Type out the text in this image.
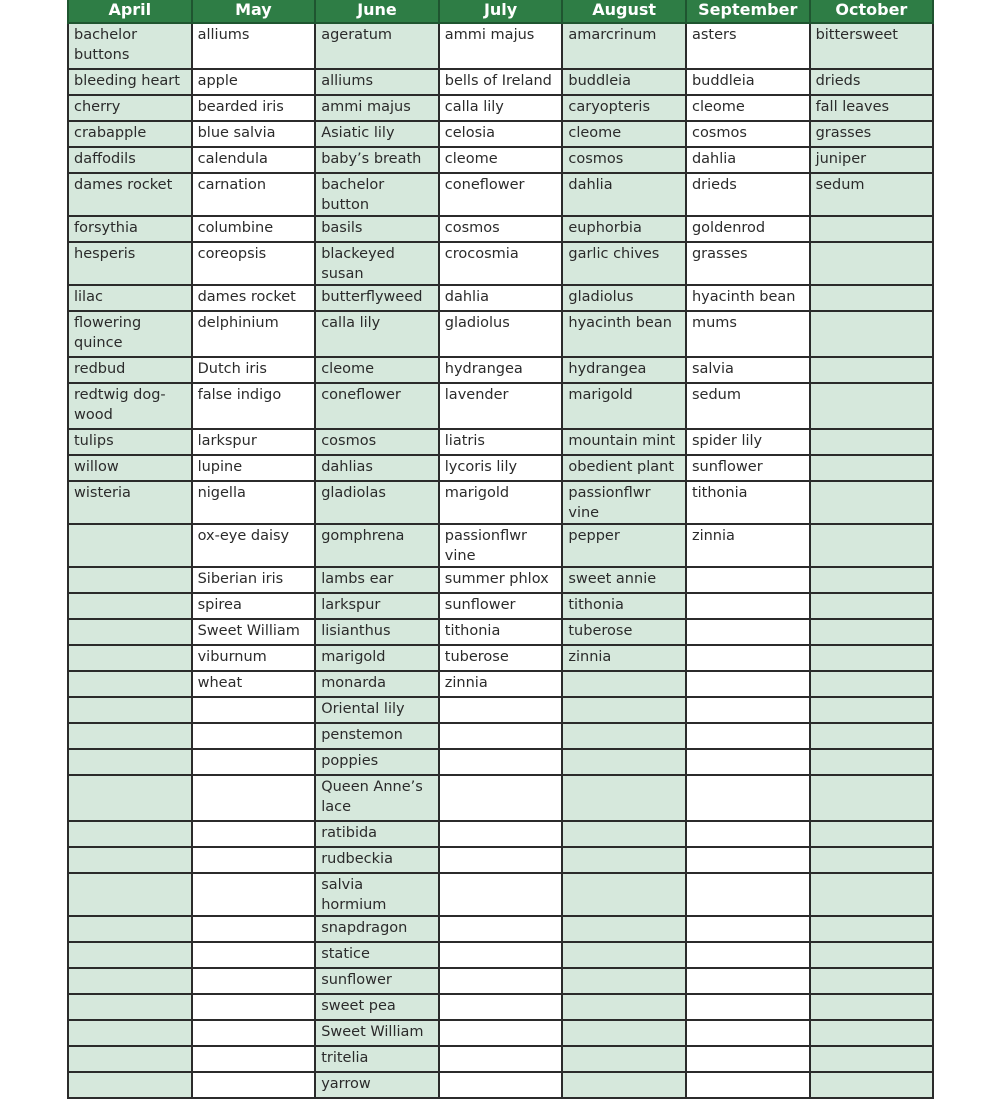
April	May	June	July	August	September	October
bachelor buttons	alliums	ageratum	ammi majus	amarcrinum	asters	bittersweet
bleeding heart	apple	alliums	bells of Ireland	buddleia	buddleia	drieds
cherry	bearded iris	ammi majus	calla lily	caryopteris	cleome	fall leaves
crabapple	blue salvia	Asiatic lily	celosia	cleome	cosmos	grasses
daffodils	calendula	baby’s breath	cleome	cosmos	dahlia	juniper
dames rocket	carnation	bachelor button	coneflower	dahlia	drieds	sedum
forsythia	columbine	basils	cosmos	euphorbia	goldenrod	
hesperis	coreopsis	blackeyed susan	crocosmia	garlic chives	grasses	
lilac	dames rocket	butterflyweed	dahlia	gladiolus	hyacinth bean	
flowering quince	delphinium	calla lily	gladiolus	hyacinth bean	mums	
redbud	Dutch iris	cleome	hydrangea	hydrangea	salvia	
redtwig dog-wood	false indigo	coneflower	lavender	marigold	sedum	
tulips	larkspur	cosmos	liatris	mountain mint	spider lily	
willow	lupine	dahlias	lycoris lily	obedient plant	sunflower	
wisteria	nigella	gladiolas	marigold	passionflwr vine	tithonia	
	ox-eye daisy	gomphrena	passionflwr vine	pepper	zinnia	
	Siberian iris	lambs ear	summer phlox	sweet annie		
	spirea	larkspur	sunflower	tithonia		
	Sweet William	lisianthus	tithonia	tuberose		
	viburnum	marigold	tuberose	zinnia		
	wheat	monarda	zinnia			
		Oriental lily				
		penstemon				
		poppies				
		Queen Anne’s lace				
		ratibida				
		rudbeckia				
		salvia hormium				
		snapdragon				
		statice				
		sunflower				
		sweet pea				
		Sweet William				
		tritelia				
		yarrow				
